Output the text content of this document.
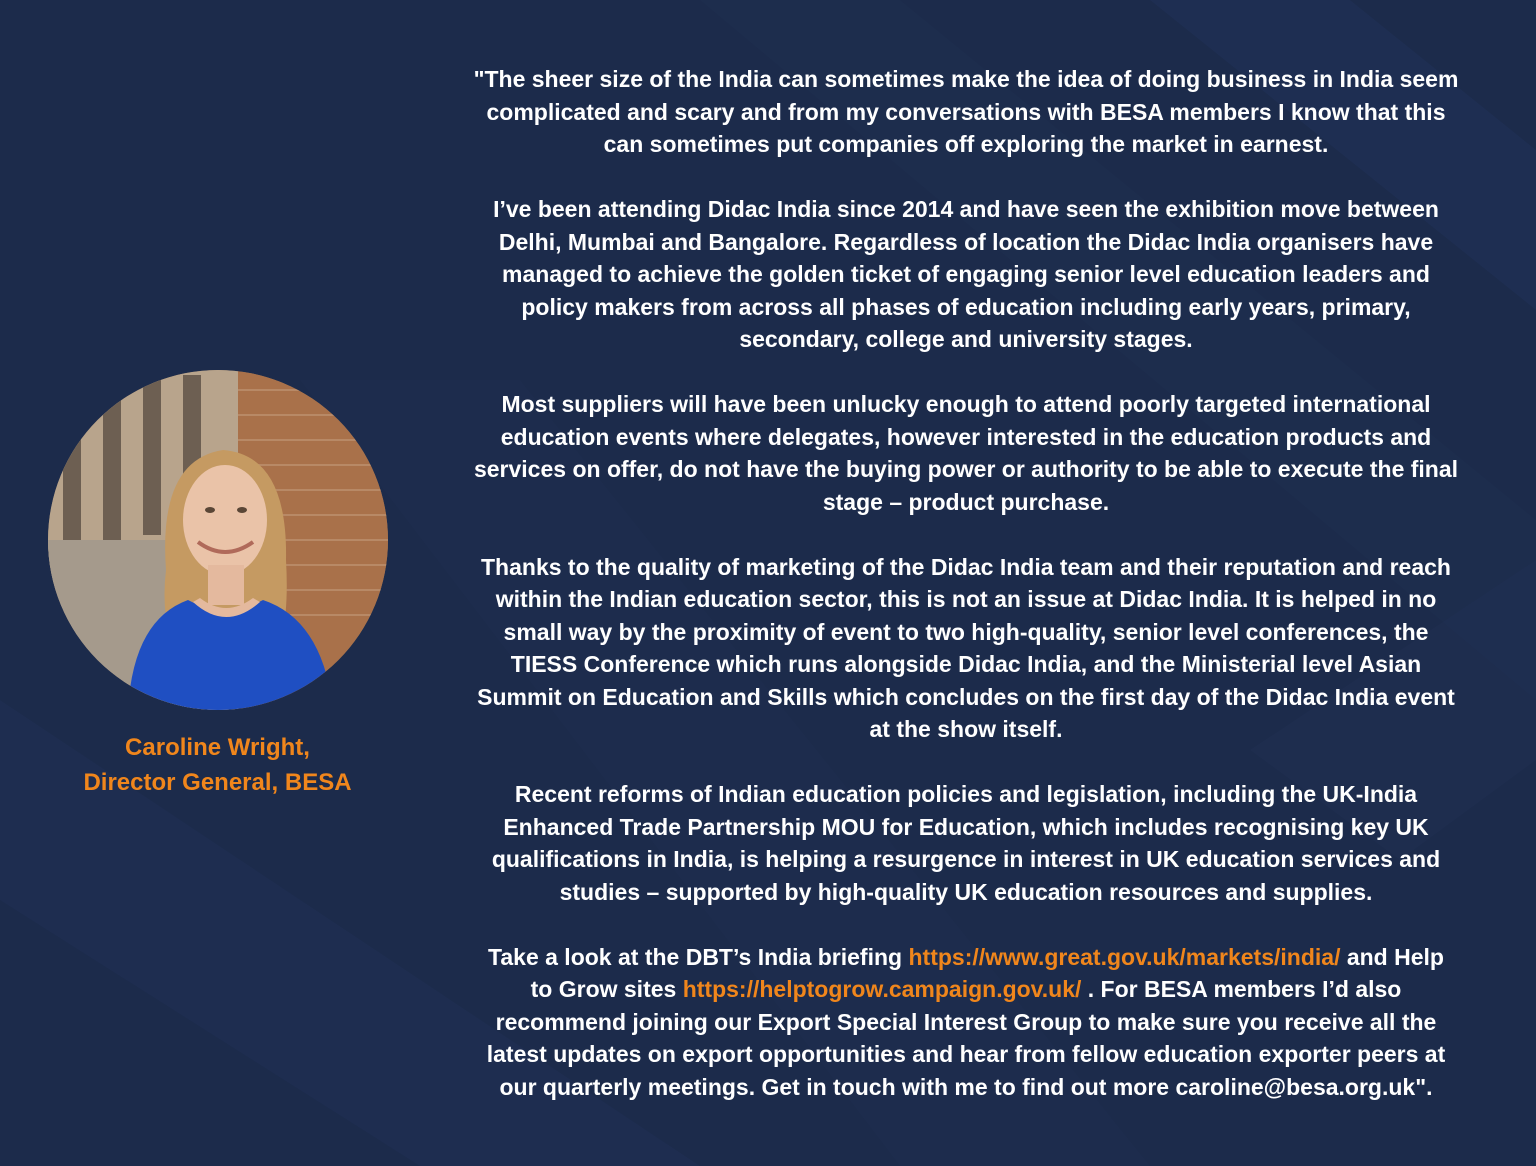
Caroline Wright,
Director General, BESA
"The sheer size of the India can sometimes make the idea of doing business in India seem
complicated and scary and from my conversations with BESA members I know that this
can sometimes put companies off exploring the market in earnest.
I’ve been attending Didac India since 2014 and have seen the exhibition move between
Delhi, Mumbai and Bangalore. Regardless of location the Didac India organisers have
managed to achieve the golden ticket of engaging senior level education leaders and
policy makers from across all phases of education including early years, primary,
secondary, college and university stages.
Most suppliers will have been unlucky enough to attend poorly targeted international
education events where delegates, however interested in the education products and
services on offer, do not have the buying power or authority to be able to execute the final
stage – product purchase.
Thanks to the quality of marketing of the Didac India team and their reputation and reach
within the Indian education sector, this is not an issue at Didac India. It is helped in no
small way by the proximity of event to two high-quality, senior level conferences, the
TIESS Conference which runs alongside Didac India, and the Ministerial level Asian
Summit on Education and Skills which concludes on the first day of the Didac India event
at the show itself.
Recent reforms of Indian education policies and legislation, including the UK-India
Enhanced Trade Partnership MOU for Education, which includes recognising key UK
qualifications in India, is helping a resurgence in interest in UK education services and
studies – supported by high-quality UK education resources and supplies.
Take a look at the DBT’s India briefing https://www.great.gov.uk/markets/india/ and Help
to Grow sites https://helptogrow.campaign.gov.uk/ . For BESA members I’d also
recommend joining our Export Special Interest Group to make sure you receive all the
latest updates on export opportunities and hear from fellow education exporter peers at
our quarterly meetings. Get in touch with me to find out more caroline@besa.org.uk".
